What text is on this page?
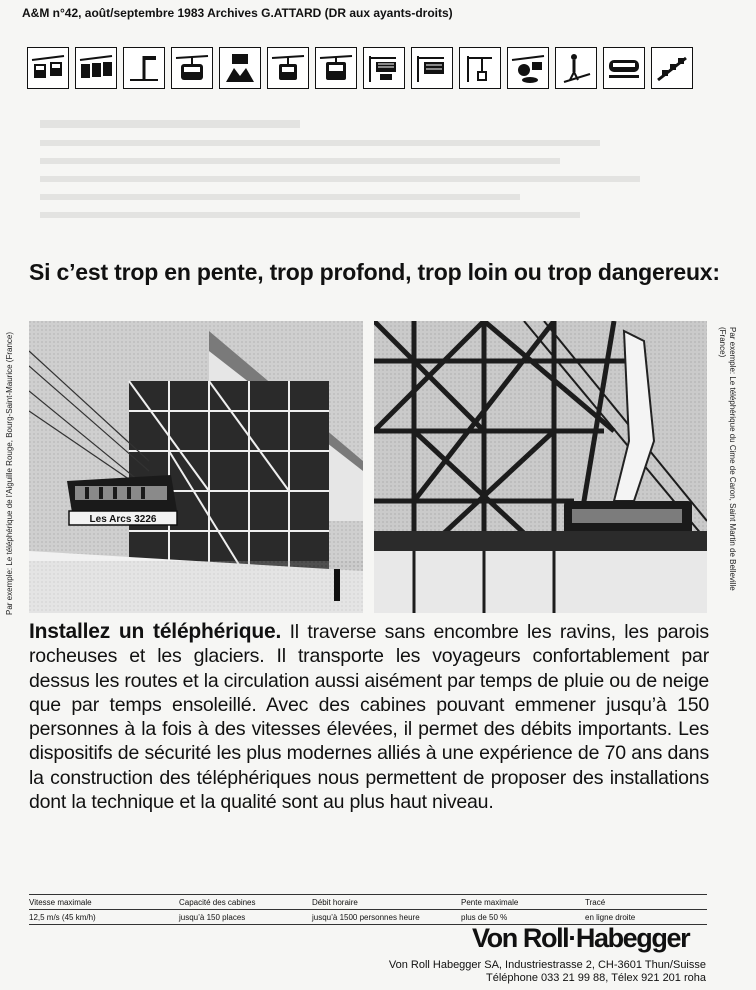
A&M n°42, août/septembre 1983 Archives G.ATTARD (DR aux ayants-droits)
Si c’est trop en pente, trop profond, trop loin ou trop dangereux:
Les Arcs 3226
Par exemple: Le téléphérique de l'Aiguille Rouge, Bourg-Saint-Maurice (France)	Par exemple: Le téléphérique du Cime de Caron, Saint Martin de Belleville (France)
Installez un téléphérique. Il traverse sans encombre les ravins, les parois rocheuses et les glaciers. Il transporte les voyageurs confortablement par dessus les routes et la circulation aussi aisément par temps de pluie ou de neige que par temps ensoleillé. Avec des cabines pouvant emmener jusqu’à 150 personnes à la fois à des vitesses élevées, il permet des débits importants. Les dispositifs de sécurité les plus modernes alliés à une expérience de 70 ans dans la construction des téléphériques nous permettent de proposer des installations dont la technique et la qualité sont au plus haut niveau.
Vitesse maximale	Capacité des cabines	Débit horaire	Pente maximale	Tracé
12,5 m/s (45 km/h)	jusqu’à 150 places	jusqu’à 1500 personnes heure	plus de 50 %	en ligne droite
Von Roll·Habegger
Von Roll Habegger SA, Industriestrasse 2, CH-3601 Thun/Suisse
Téléphone 033 21 99 88, Télex 921 201 roha
